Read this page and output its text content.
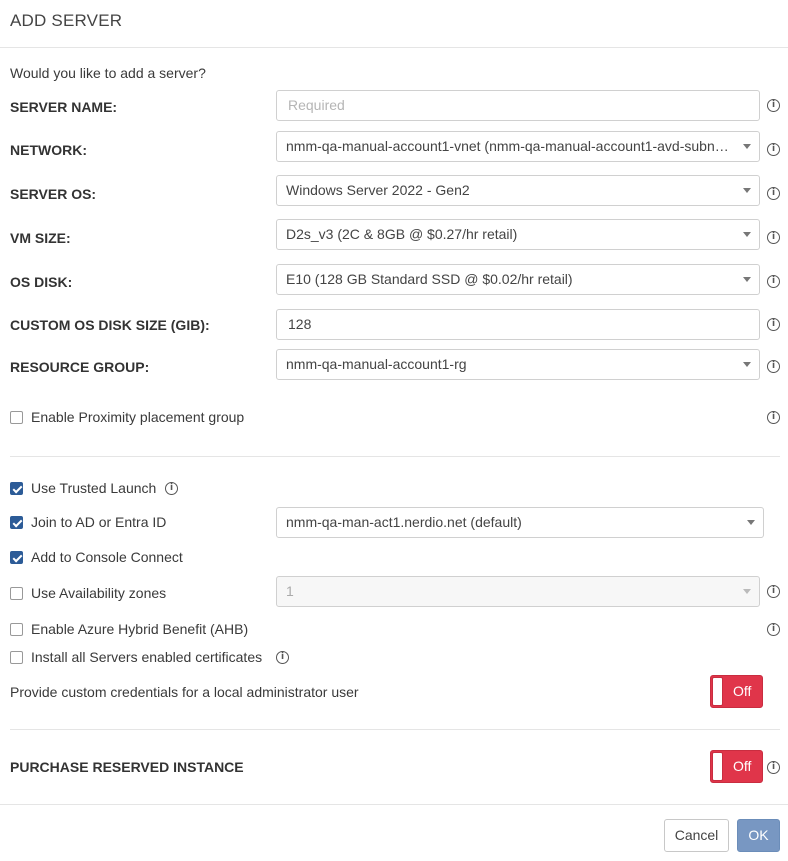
ADD SERVER
Would you like to add a server?
SERVER NAME:	Required	i
NETWORK:	nmm-qa-manual-account1-vnet (nmm-qa-manual-account1-avd-subnet)	i
SERVER OS:	Windows Server 2022 - Gen2	i
VM SIZE:	D2s_v3 (2C & 8GB @ $0.27/hr retail)	i
OS DISK:	E10 (128 GB Standard SSD @ $0.02/hr retail)	i
CUSTOM OS DISK SIZE (GIB):	128	i
RESOURCE GROUP:	nmm-qa-manual-account1-rg	i
Enable Proximity placement group	i
Use Trusted Launch	i
Join to AD or Entra ID	nmm-qa-man-act1.nerdio.net (default)
Add to Console Connect
Use Availability zones	1	i
Enable Azure Hybrid Benefit (AHB)	i
Install all Servers enabled certificates	i
Provide custom credentials for a local administrator user	Off
PURCHASE RESERVED INSTANCE	Off	i
Cancel	OK
